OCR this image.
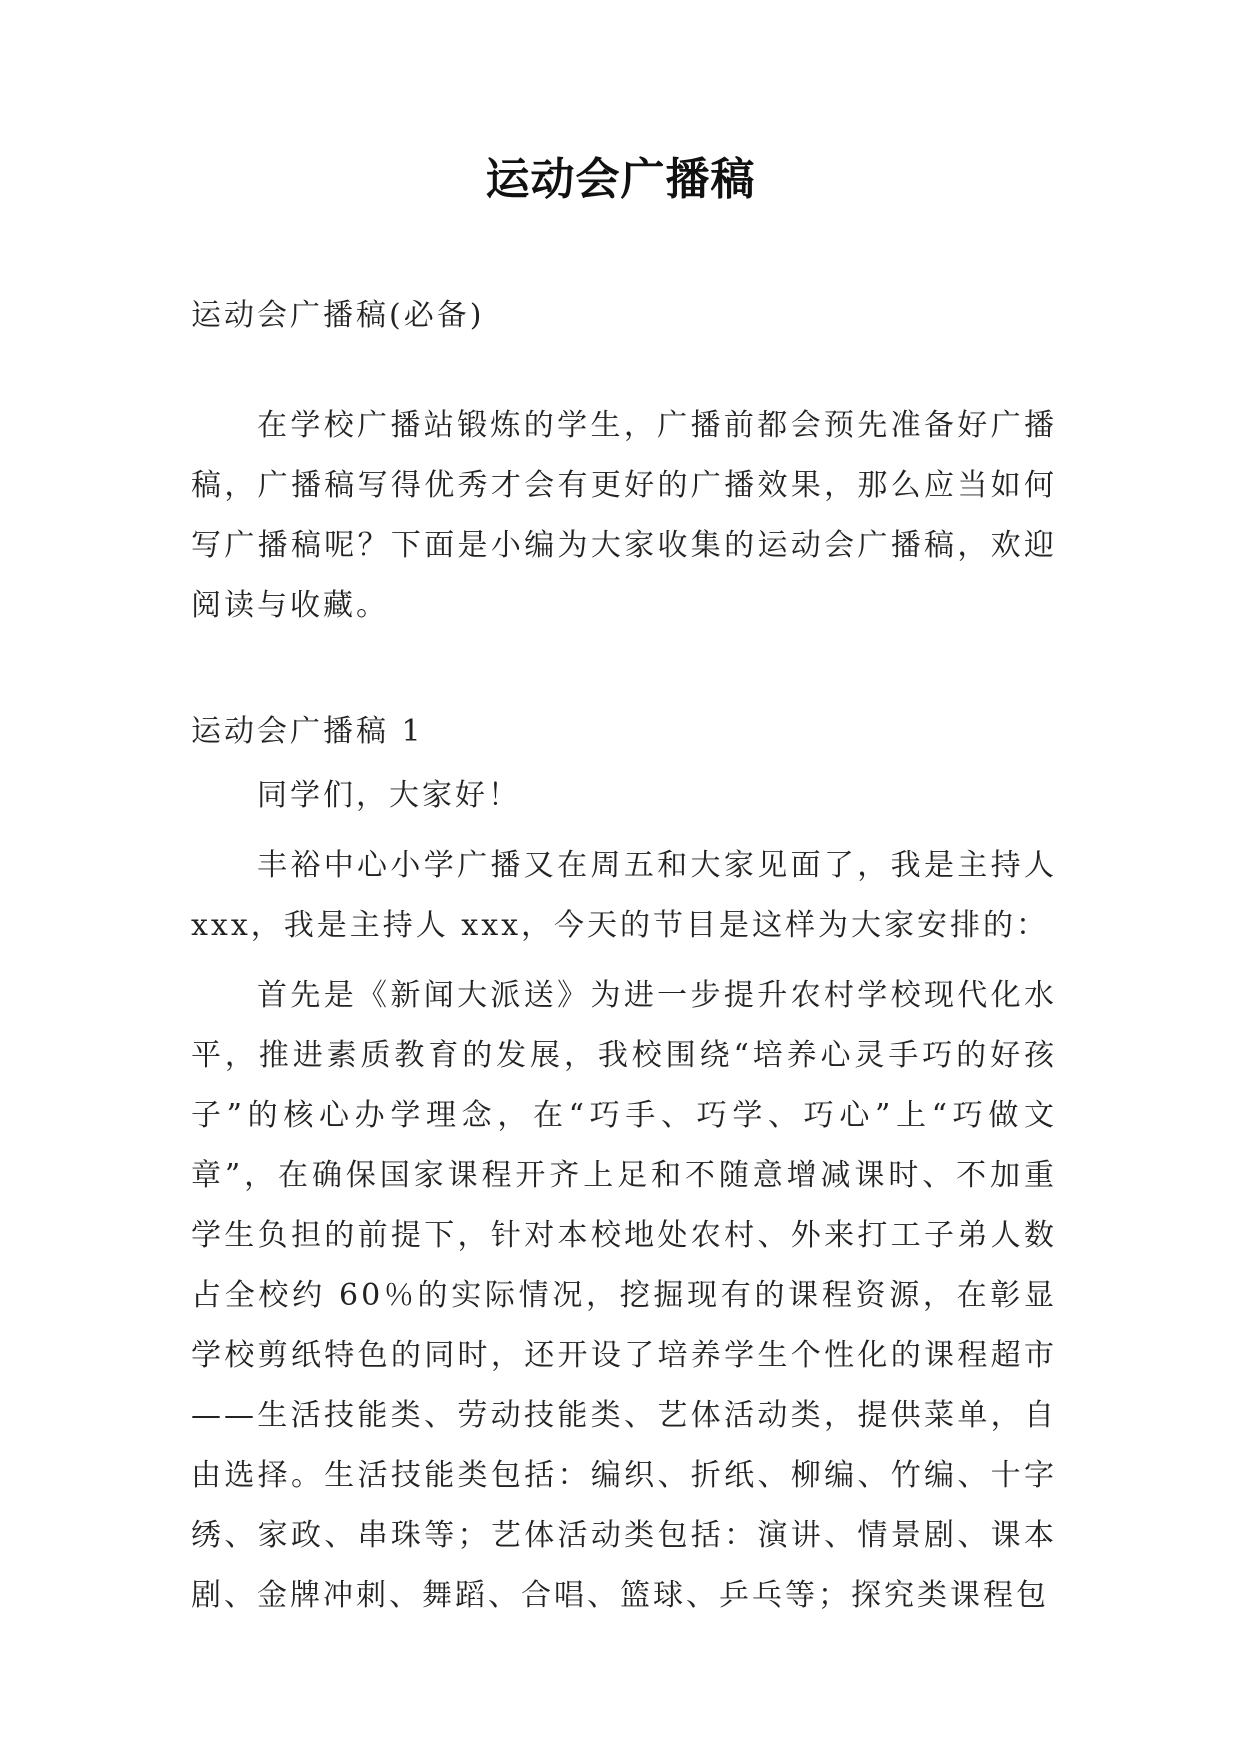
运动会广播稿

运动会广播稿(必备)

在学校广播站锻炼的学生，广播前都会预先准备好广播稿，广播稿写得优秀才会有更好的广播效果，那么应当如何写广播稿呢？下面是小编为大家收集的运动会广播稿，欢迎阅读与收藏。

运动会广播稿 1

同学们，大家好！

丰裕中心小学广播又在周五和大家见面了，我是主持人 xxx，我是主持人 xxx，今天的节目是这样为大家安排的：

首先是《新闻大派送》为进一步提升农村学校现代化水平，推进素质教育的发展，我校围绕“培养心灵手巧的好孩子”的核心办学理念，在“巧手、巧学、巧心”上“巧做文章”，在确保国家课程开齐上足和不随意增减课时、不加重学生负担的前提下，针对本校地处农村、外来打工子弟人数占全校约 60％的实际情况，挖掘现有的课程资源，在彰显学校剪纸特色的同时，还开设了培养学生个性化的课程超市——生活技能类、劳动技能类、艺体活动类，提供菜单，自由选择。生活技能类包括：编织、折纸、柳编、竹编、十字绣、家政、串珠等；艺体活动类包括：演讲、情景剧、课本剧、金牌冲刺、舞蹈、合唱、篮球、乒乓等；探究类课程包
